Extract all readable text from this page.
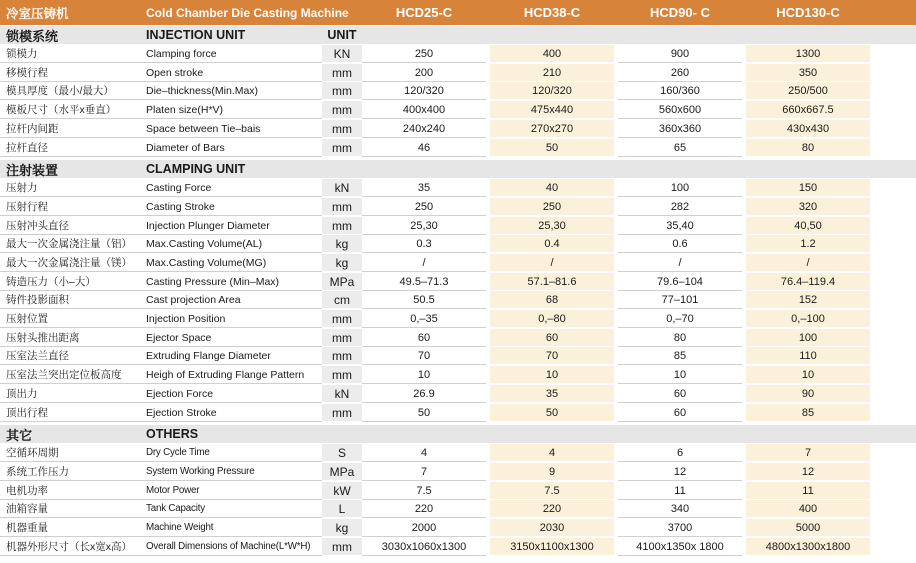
冷室压铸机	Cold Chamber Die Casting Machine	HCD25-C	HCD38-C	HCD90- C	HCD130-C
锁模系统	INJECTION UNIT	UNIT
锁模力	Clamping force	KN	250	400	900	1300
移模行程	Open stroke	mm	200	210	260	350
模具厚度（最小/最大）	Die–thickness(Min.Max)	mm	120/320	120/320	160/360	250/500
模板尺寸（水平x垂直）	Platen size(H*V)	mm	400x400	475x440	560x600	660x667.5
拉杆内间距	Space between Tie–bais	mm	240x240	270x270	360x360	430x430
拉杆直径	Diameter of Bars	mm	46	50	65	80
注射装置	CLAMPING UNIT
压射力	Casting Force	kN	35	40	100	150
压射行程	Casting Stroke	mm	250	250	282	320
压射冲头直径	Injection Plunger Diameter	mm	25,30	25,30	35,40	40,50
最大一次金属浇注量（铝）	Max.Casting Volume(AL)	kg	0.3	0.4	0.6	1.2
最大一次金属浇注量（镁）	Max.Casting Volume(MG)	kg	/	/	/	/
铸造压力（小–大）	Casting Pressure (Min–Max)	MPa	49.5–71.3	57.1–81.6	79.6–104	76.4–119.4
铸件投影面积	Cast projection Area	cm	50.5	68	77–101	152
压射位置	Injection Position	mm	0,–35	0,–80	0,–70	0,–100
压射头推出距离	Ejector Space	mm	60	60	80	100
压室法兰直径	Extruding Flange Diameter	mm	70	70	85	110
压室法兰突出定位板高度	Heigh of Extruding Flange Pattern	mm	10	10	10	10
顶出力	Ejection Force	kN	26.9	35	60	90
顶出行程	Ejection Stroke	mm	50	50	60	85
其它	OTHERS
空循环周期	Dry Cycle Time	S	4	4	6	7
系统工作压力	System Working Pressure	MPa	7	9	12	12
电机功率	Motor Power	kW	7.5	7.5	11	11
油箱容量	Tank Capacity	L	220	220	340	400
机器重量	Machine Weight	kg	2000	2030	3700	5000
机器外形尺寸（长x宽x高）	Overall Dimensions of Machine(L*W*H)	mm	3030x1060x1300	3150x1100x1300	4100x1350x 1800	4800x1300x1800
